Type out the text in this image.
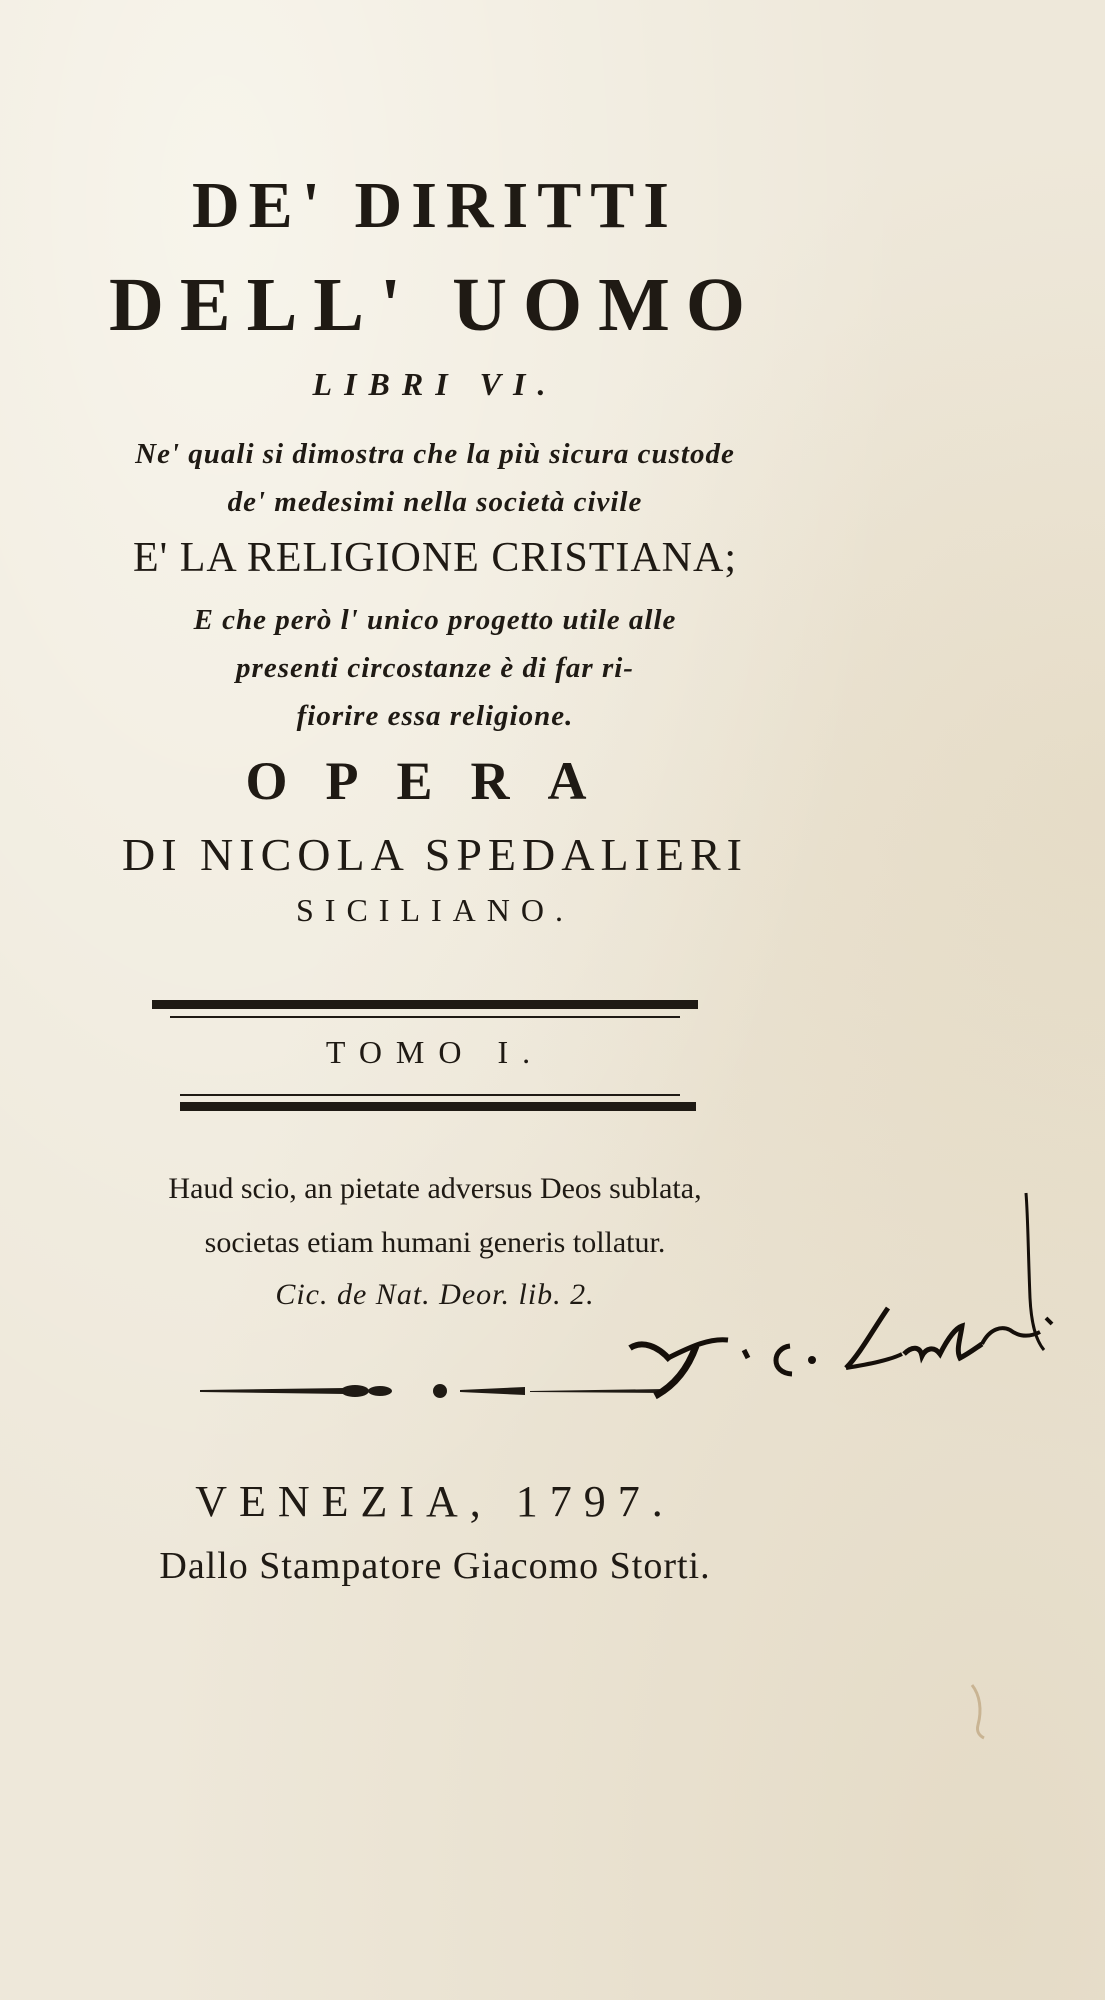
DE' DIRITTI
DELL' UOMO
LIBRI VI.
Ne' quali si dimostra che la più sicura custode
de' medesimi nella società civile
E' LA RELIGIONE CRISTIANA;
E che però l' unico progetto utile alle
presenti circostanze è di far ri-
fiorire essa religione.
OPERA
DI NICOLA SPEDALIERI
SICILIANO.
TOMO I.
Haud scio, an pietate adversus Deos sublata,
societas etiam humani generis tollatur.
Cic. de Nat. Deor. lib. 2.
VENEZIA, 1797.
Dallo Stampatore Giacomo Storti.
